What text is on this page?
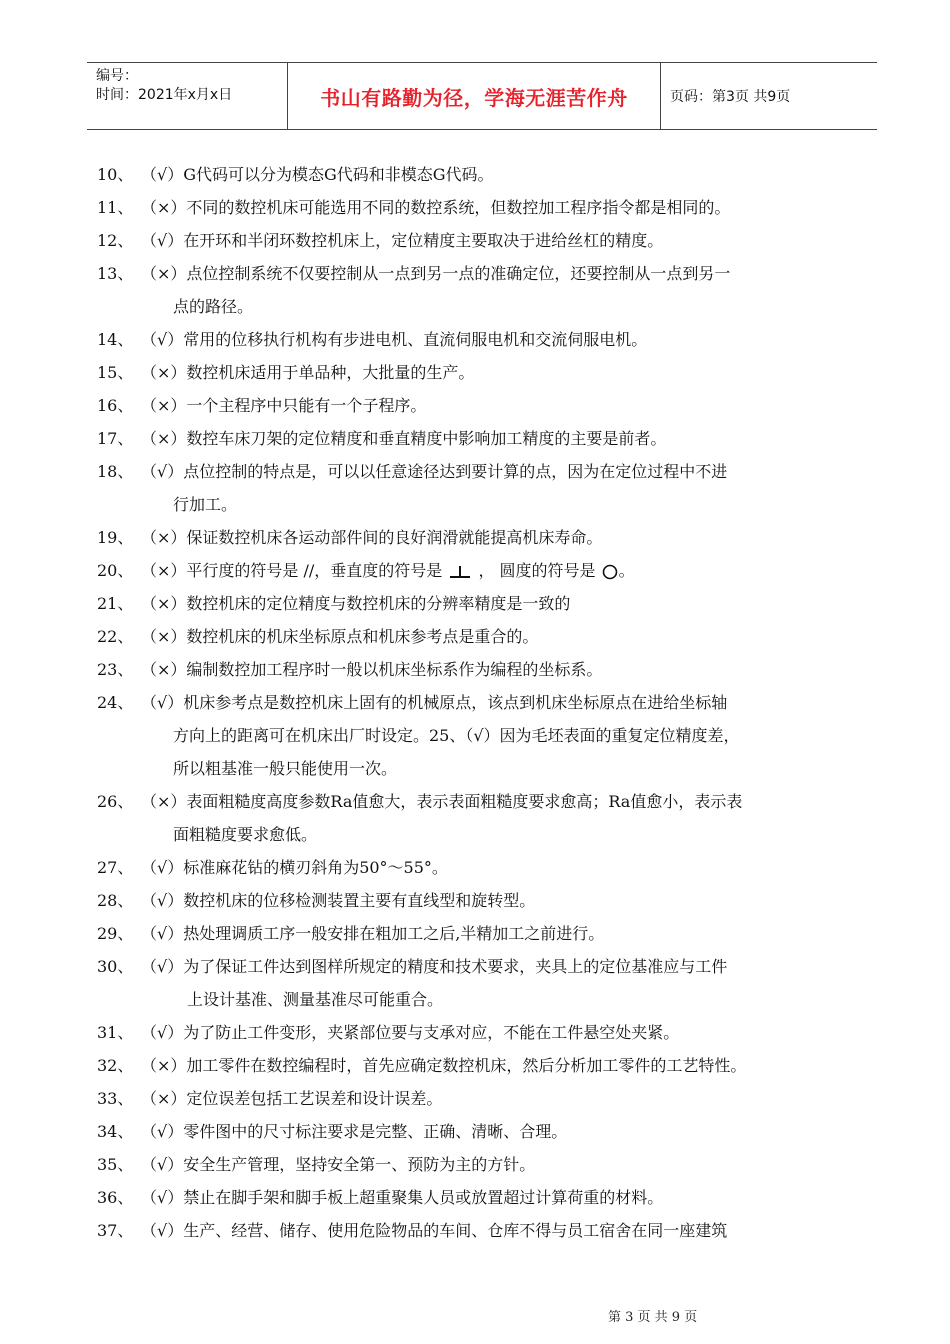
编号：
时间：2021年x月x日	书山有路勤为径，学海无涯苦作舟	页码：第3页 共9页
10、 （√）G代码可以分为模态G代码和非模态G代码。
11、 （×）不同的数控机床可能选用不同的数控系统，但数控加工程序指令都是相同的。
12、 （√）在开环和半闭环数控机床上，定位精度主要取决于进给丝杠的精度。
13、 （×）点位控制系统不仅要控制从一点到另一点的准确定位，还要控制从一点到另一
点的路径。
14、 （√）常用的位移执行机构有步进电机、直流伺服电机和交流伺服电机。
15、 （×）数控机床适用于单品种，大批量的生产。
16、 （×）一个主程序中只能有一个子程序。
17、 （×）数控车床刀架的定位精度和垂直精度中影响加工精度的主要是前者。
18、 （√）点位控制的特点是，可以以任意途径达到要计算的点，因为在定位过程中不进
行加工。
19、 （×）保证数控机床各运动部件间的良好润滑就能提高机床寿命。
20、 （×）平行度的符号是 //，垂直度的符号是 ， 圆度的符号是 。
21、 （×）数控机床的定位精度与数控机床的分辨率精度是一致的
22、 （×）数控机床的机床坐标原点和机床参考点是重合的。
23、 （×）编制数控加工程序时一般以机床坐标系作为编程的坐标系。
24、 （√）机床参考点是数控机床上固有的机械原点，该点到机床坐标原点在进给坐标轴
方向上的距离可在机床出厂时设定。25、（√）因为毛坯表面的重复定位精度差，
所以粗基准一般只能使用一次。
26、 （×）表面粗糙度高度参数Ra值愈大，表示表面粗糙度要求愈高；Ra值愈小，表示表
面粗糙度要求愈低。
27、 （√）标准麻花钻的横刃斜角为50°～55°。
28、 （√）数控机床的位移检测装置主要有直线型和旋转型。
29、 （√）热处理调质工序一般安排在粗加工之后,半精加工之前进行。
30、 （√）为了保证工件达到图样所规定的精度和技术要求，夹具上的定位基准应与工件
上设计基准、测量基准尽可能重合。
31、 （√）为了防止工件变形，夹紧部位要与支承对应，不能在工件悬空处夹紧。
32、 （×）加工零件在数控编程时，首先应确定数控机床，然后分析加工零件的工艺特性。
33、 （×）定位误差包括工艺误差和设计误差。
34、 （√）零件图中的尺寸标注要求是完整、正确、清晰、合理。
35、 （√）安全生产管理，坚持安全第一、预防为主的方针。
36、 （√）禁止在脚手架和脚手板上超重聚集人员或放置超过计算荷重的材料。
37、 （√）生产、经营、储存、使用危险物品的车间、仓库不得与员工宿舍在同一座建筑
第 3 页 共 9 页
